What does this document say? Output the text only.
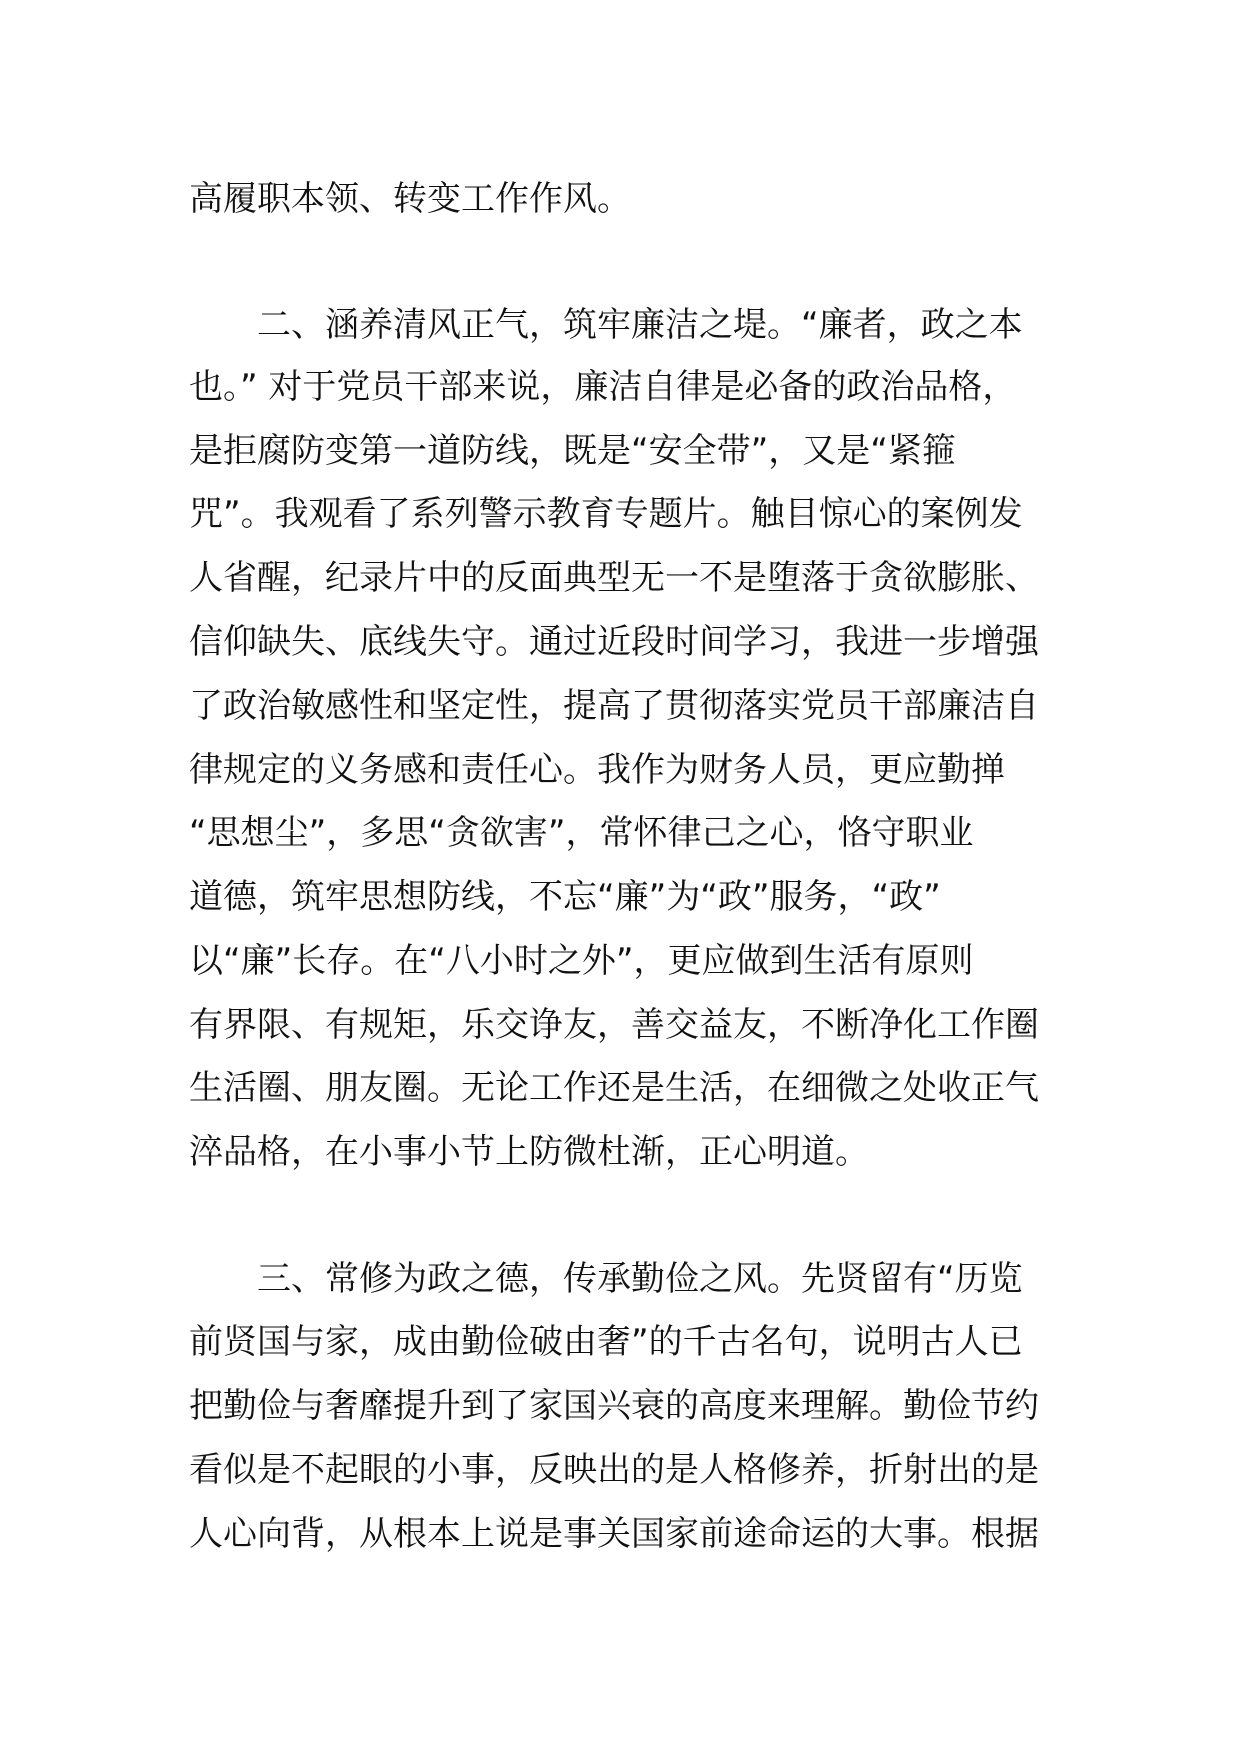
高履职本领、转变工作作风。
二、涵养清风正气，筑牢廉洁之堤。“廉者，政之本
也。” 对于党员干部来说，廉洁自律是必备的政治品格，
是拒腐防变第一道防线，既是“安全带”，又是“紧箍
咒”。我观看了系列警示教育专题片。触目惊心的案例发
人省醒，纪录片中的反面典型无一不是堕落于贪欲膨胀、
信仰缺失、底线失守。通过近段时间学习，我进一步增强
了政治敏感性和坚定性，提高了贯彻落实党员干部廉洁自
律规定的义务感和责任心。我作为财务人员，更应勤掸
“思想尘”，多思“贪欲害”，常怀律己之心，恪守职业
道德，筑牢思想防线，不忘“廉”为“政”服务，“政”
以“廉”长存。在“八小时之外”，更应做到生活有原则
有界限、有规矩，乐交诤友，善交益友，不断净化工作圈
生活圈、朋友圈。无论工作还是生活，在细微之处收正气
淬品格，在小事小节上防微杜渐，正心明道。
三、常修为政之德，传承勤俭之风。先贤留有“历览
前贤国与家，成由勤俭破由奢”的千古名句，说明古人已
把勤俭与奢靡提升到了家国兴衰的高度来理解。勤俭节约
看似是不起眼的小事，反映出的是人格修养，折射出的是
人心向背，从根本上说是事关国家前途命运的大事。根据
